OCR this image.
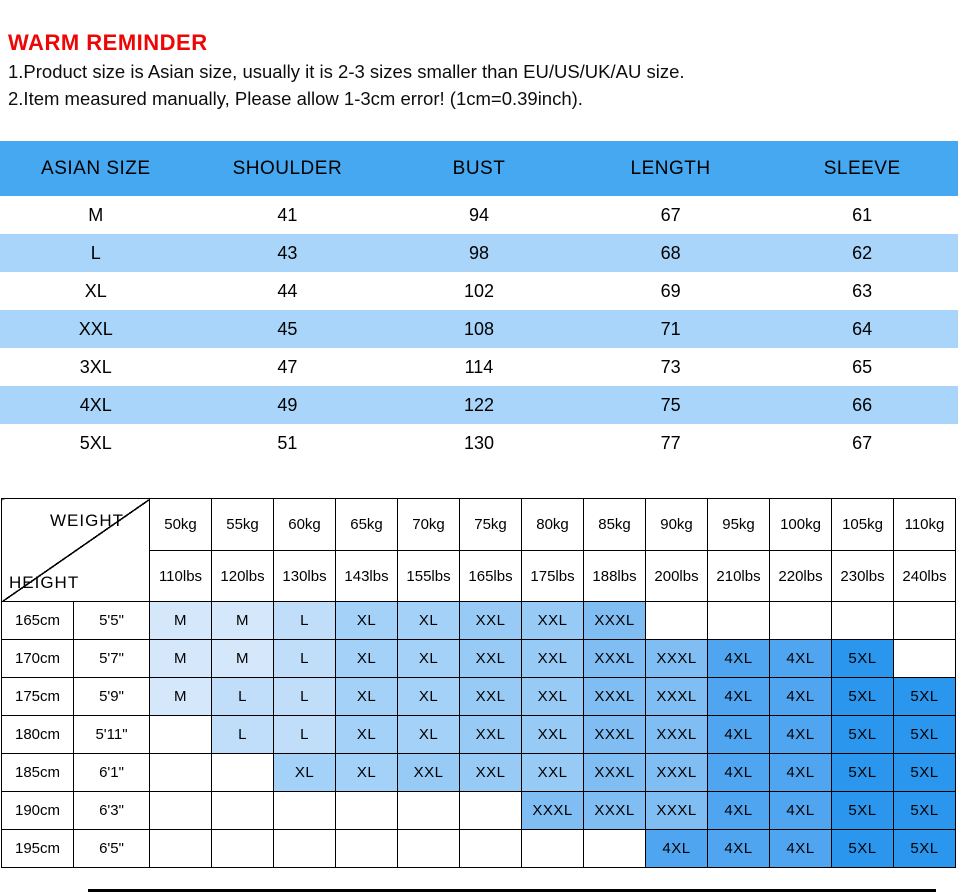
WARM REMINDER

1.Product size is Asian size, usually it is 2-3 sizes smaller than EU/US/UK/AU size.

2.Item measured manually, Please allow 1-3cm error! (1cm=0.39inch).

ASIAN SIZE	SHOULDER	BUST	LENGTH	SLEEVE
M	41	94	67	61
L	43	98	68	62
XL	44	102	69	63
XXL	45	108	71	64
3XL	47	114	73	65
4XL	49	122	75	66
5XL	51	130	77	67
WEIGHT
HEIGHT		50kg	55kg	60kg	65kg	70kg	75kg	80kg	85kg	90kg	95kg	100kg	105kg	110kg
		110lbs	120lbs	130lbs	143lbs	155lbs	165lbs	175lbs	188lbs	200lbs	210lbs	220lbs	230lbs	240lbs
165cm	5'5"	M	M	L	XL	XL	XXL	XXL	XXXL					
170cm	5'7"	M	M	L	XL	XL	XXL	XXL	XXXL	XXXL	4XL	4XL	5XL	
175cm	5'9"	M	L	L	XL	XL	XXL	XXL	XXXL	XXXL	4XL	4XL	5XL	5XL
180cm	5'11"		L	L	XL	XL	XXL	XXL	XXXL	XXXL	4XL	4XL	5XL	5XL
185cm	6'1"			XL	XL	XXL	XXL	XXL	XXXL	XXXL	4XL	4XL	5XL	5XL
190cm	6'3"							XXXL	XXXL	XXXL	4XL	4XL	5XL	5XL
195cm	6'5"									4XL	4XL	4XL	5XL	5XL
